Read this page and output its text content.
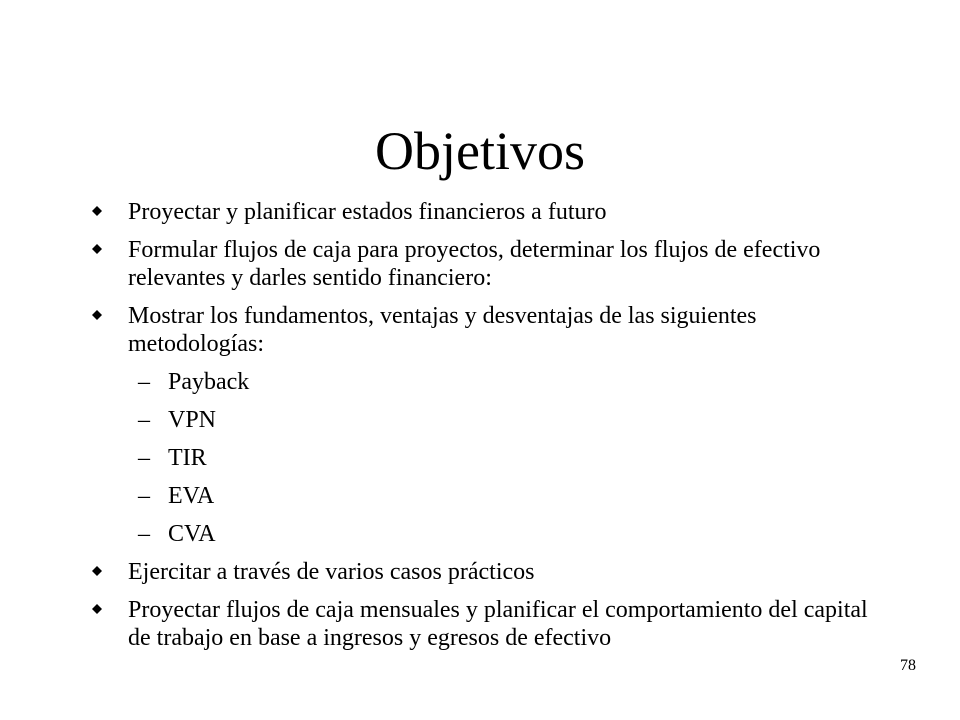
Objetivos
Proyectar y planificar estados financieros a futuro
Formular flujos de caja para proyectos, determinar los flujos de efectivo relevantes y darles sentido financiero:
Mostrar los fundamentos, ventajas y desventajas de las siguientes metodologías:
– Payback
– VPN
– TIR
– EVA
– CVA
Ejercitar a través de varios casos prácticos
Proyectar flujos de caja mensuales y planificar el comportamiento del capital de trabajo en base a ingresos y egresos de efectivo
78
